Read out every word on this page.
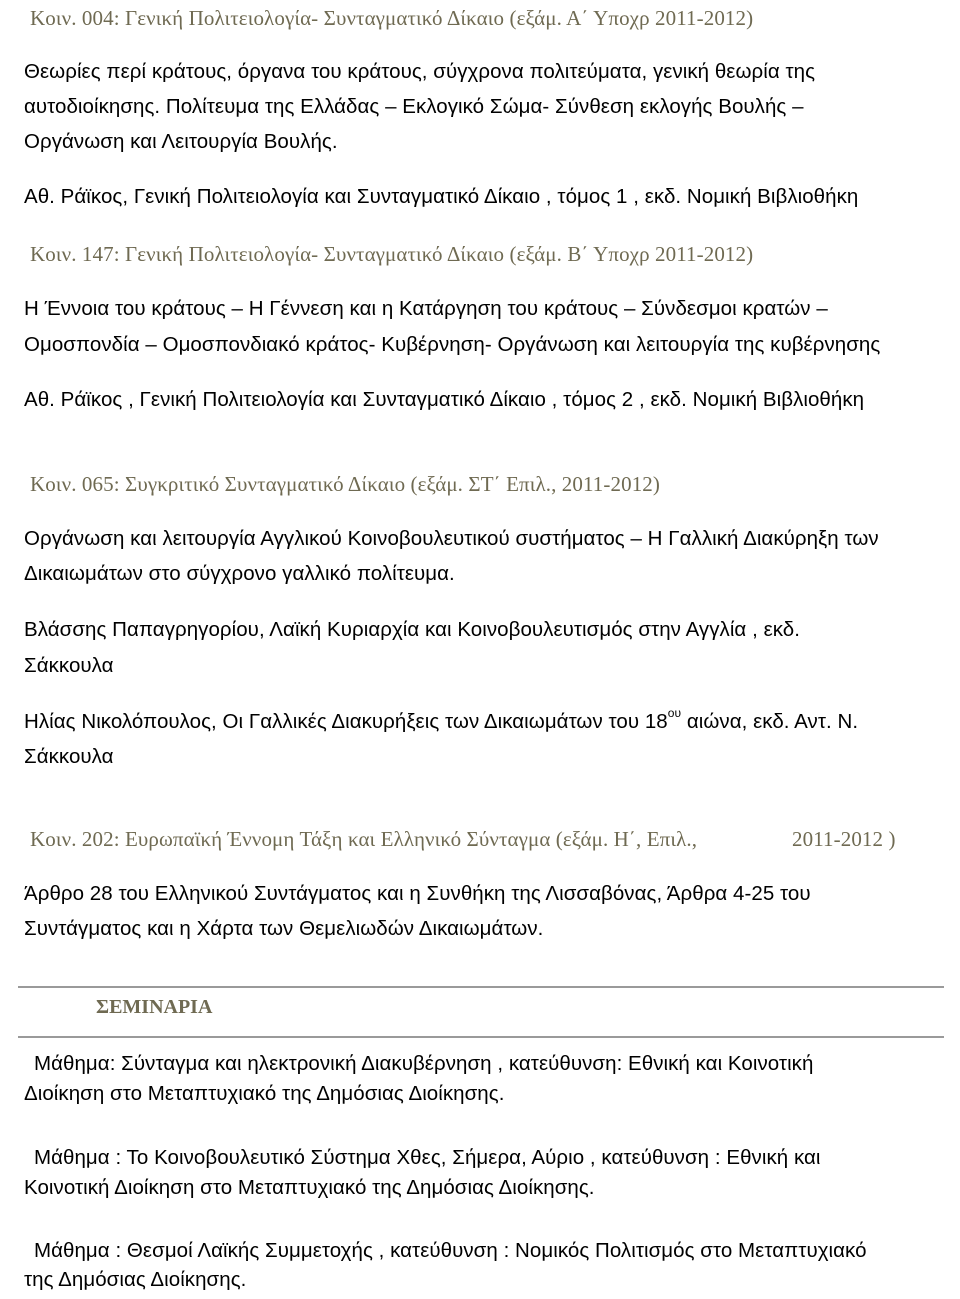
Κοιν. 004: Γενική Πολιτειολογία- Συνταγματικό Δίκαιο (εξάμ. Α΄ Υποχρ 2011-2012)
Θεωρίες περί κράτους, όργανα του κράτους, σύγχρονα πολιτεύματα, γενική θεωρία της
αυτοδιοίκησης. Πολίτευμα της Ελλάδας – Εκλογικό Σώμα- Σύνθεση εκλογής Βουλής –
Οργάνωση και Λειτουργία Βουλής.
Αθ. Ράϊκος, Γενική Πολιτειολογία και Συνταγματικό Δίκαιο , τόμος 1 , εκδ. Νομική Βιβλιοθήκη
Κοιν. 147: Γενική Πολιτειολογία- Συνταγματικό Δίκαιο (εξάμ. Β΄ Υποχρ 2011-2012)
Η Έννοια του κράτους – Η Γέννεση και η Κατάργηση του κράτους – Σύνδεσμοι κρατών –
Ομοσπονδία – Ομοσπονδιακό κράτος- Κυβέρνηση- Οργάνωση και λειτουργία της κυβέρνησης
Αθ. Ράϊκος , Γενική Πολιτειολογία και Συνταγματικό Δίκαιο , τόμος 2 , εκδ. Νομική Βιβλιοθήκη
Κοιν. 065: Συγκριτικό Συνταγματικό Δίκαιο (εξάμ. ΣΤ΄ Επιλ., 2011-2012)
Οργάνωση και λειτουργία Αγγλικού Κοινοβουλευτικού συστήματος – Η Γαλλική Διακύρηξη των
Δικαιωμάτων στο σύγχρονο γαλλικό πολίτευμα.
Βλάσσης Παπαγρηγορίου, Λαϊκή Κυριαρχία και Κοινοβουλευτισμός στην Αγγλία , εκδ.
Σάκκουλα
Ηλίας Νικολόπουλος, Οι Γαλλικές Διακυρήξεις των Δικαιωμάτων του $18^{o\upsilon}$ αιώνα, εκδ. Αντ. Ν.
Σάκκουλα
Κοιν. 202: Ευρωπαϊκή Έννομη Τάξη και Ελληνικό Σύνταγμα (εξάμ. Η΄, Επιλ.,	2011-2012 )
Άρθρο 28 του Ελληνικού Συντάγματος και η Συνθήκη της Λισσαβόνας, Άρθρα 4-25 του
Συντάγματος και η Χάρτα των Θεμελιωδών Δικαιωμάτων.
ΣΕΜΙΝΑΡΙΑ
Μάθημα: Σύνταγμα και ηλεκτρονική Διακυβέρνηση , κατεύθυνση: Εθνική και Κοινοτική
Διοίκηση στο Μεταπτυχιακό της Δημόσιας Διοίκησης.
Μάθημα : Το Κοινοβουλευτικό Σύστημα Χθες, Σήμερα, Αύριο , κατεύθυνση : Εθνική και
Κοινοτική Διοίκηση στο Μεταπτυχιακό της Δημόσιας Διοίκησης.
Μάθημα : Θεσμοί Λαϊκής Συμμετοχής , κατεύθυνση : Νομικός Πολιτισμός στο Μεταπτυχιακό
της Δημόσιας Διοίκησης.
